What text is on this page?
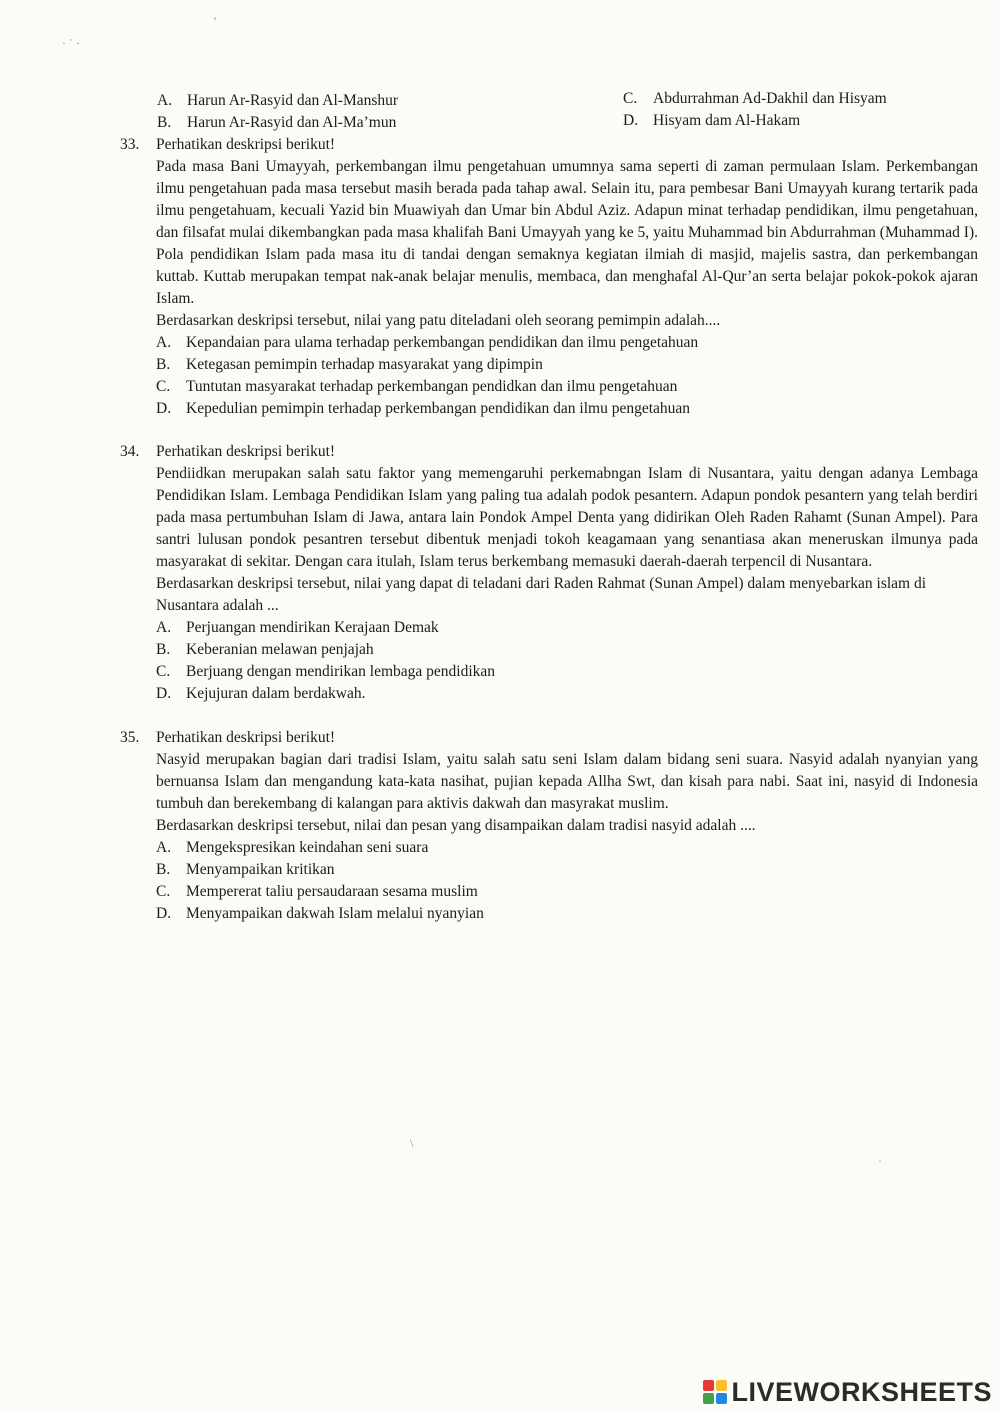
· ˙ ·
'
\
·
A. Harun Ar-Rasyid dan Al-Manshur
B. Harun Ar-Rasyid dan Al-Ma’mun
C. Abdurrahman Ad-Dakhil dan Hisyam
D. Hisyam dam Al-Hakam
33.	Perhatikan deskripsi berikut!

Pada masa Bani Umayyah, perkembangan ilmu pengetahuan umumnya sama seperti di zaman permulaan Islam. Perkembangan ilmu pengetahuan pada masa tersebut masih berada pada tahap awal. Selain itu, para pembesar Bani Umayyah kurang tertarik pada ilmu pengetahuam, kecuali Yazid bin Muawiyah dan Umar bin Abdul Aziz. Adapun minat terhadap pendidikan, ilmu pengetahuan, dan filsafat mulai dikembangkan pada masa khalifah Bani Umayyah yang ke 5, yaitu Muhammad bin Abdurrahman (Muhammad I). Pola pendidikan Islam pada masa itu di tandai dengan semaknya kegiatan ilmiah di masjid, majelis sastra, dan perkembangan kuttab. Kuttab merupakan tempat nak-anak belajar menulis, membaca, dan menghafal Al-Qur’an serta belajar pokok-pokok ajaran Islam.

Berdasarkan deskripsi tersebut, nilai yang patu diteladani oleh seorang pemimpin adalah....

A. Kepandaian para ulama terhadap perkembangan pendidikan dan ilmu pengetahuan
B. Ketegasan pemimpin terhadap masyarakat yang dipimpin
C. Tuntutan masyarakat terhadap perkembangan pendidkan dan ilmu pengetahuan
D. Kepedulian pemimpin terhadap perkembangan pendidikan dan ilmu pengetahuan
34.	Perhatikan deskripsi berikut!

Pendiidkan merupakan salah satu faktor yang memengaruhi perkemabngan Islam di Nusantara, yaitu dengan adanya Lembaga Pendidikan Islam. Lembaga Pendidikan Islam yang paling tua adalah podok pesantern. Adapun pondok pesantern yang telah berdiri pada masa pertumbuhan Islam di Jawa, antara lain Pondok Ampel Denta yang didirikan Oleh Raden Rahamt (Sunan Ampel). Para santri lulusan pondok pesantren tersebut dibentuk menjadi tokoh keagamaan yang senantiasa akan meneruskan ilmunya pada masyarakat di sekitar. Dengan cara itulah, Islam terus berkembang memasuki daerah-daerah terpencil di Nusantara.

Berdasarkan deskripsi tersebut, nilai yang dapat di teladani dari Raden Rahmat (Sunan Ampel) dalam menyebarkan islam di Nusantara adalah ...

A. Perjuangan mendirikan Kerajaan Demak
B. Keberanian melawan penjajah
C. Berjuang dengan mendirikan lembaga pendidikan
D. Kejujuran dalam berdakwah.
35.	Perhatikan deskripsi berikut!

Nasyid merupakan bagian dari tradisi Islam, yaitu salah satu seni Islam dalam bidang seni suara. Nasyid adalah nyanyian yang bernuansa Islam dan mengandung kata-kata nasihat, pujian kepada Allha Swt, dan kisah para nabi. Saat ini, nasyid di Indonesia tumbuh dan berekembang di kalangan para aktivis dakwah dan masyrakat muslim.

Berdasarkan deskripsi tersebut, nilai dan pesan yang disampaikan dalam tradisi nasyid adalah ....

A. Mengekspresikan keindahan seni suara
B. Menyampaikan kritikan
C. Mempererat taliu persaudaraan sesama muslim
D. Menyampaikan dakwah Islam melalui nyanyian
LIVEWORKSHEETS
